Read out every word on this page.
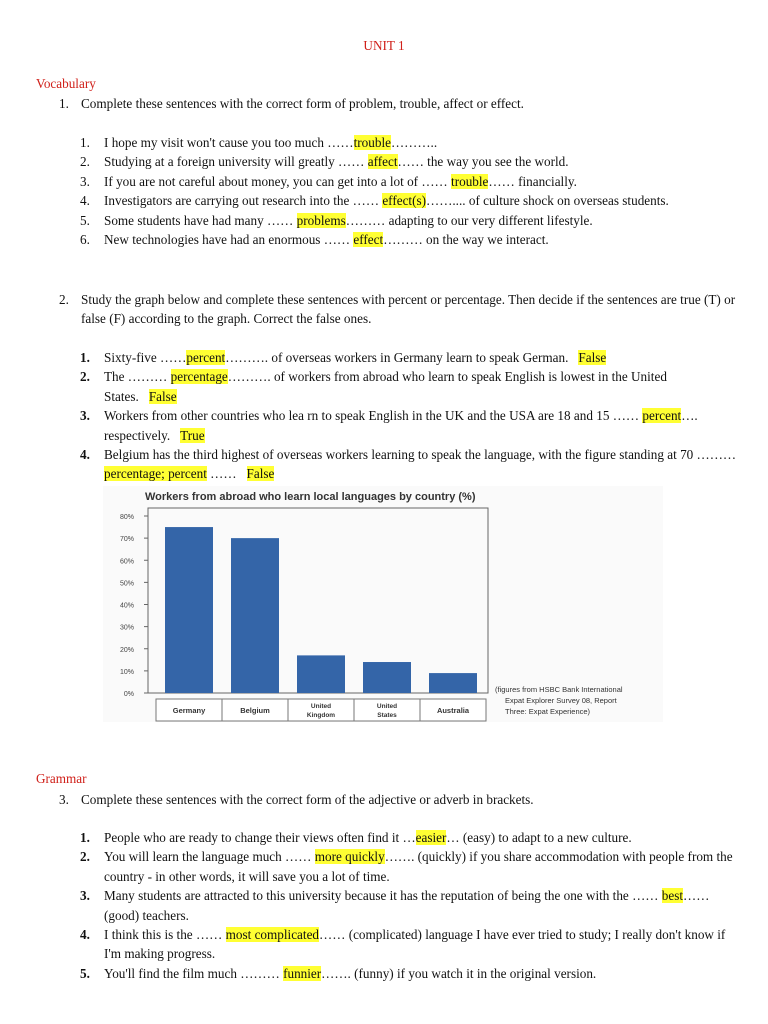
UNIT 1
Vocabulary
1. Complete these sentences with the correct form of problem, trouble, affect or effect.
1. I hope my visit won't cause you too much ……trouble………..
2. Studying at a foreign university will greatly …… affect…… the way you see the world.
3. If you are not careful about money, you can get into a lot of …… trouble…… financially.
4. Investigators are carrying out research into the …… effect(s)…….... of culture shock on overseas students.
5. Some students have had many …… problems……… adapting to our very different lifestyle.
6. New technologies have had an enormous …… effect……… on the way we interact.
2. Study the graph below and complete these sentences with percent or percentage. Then decide if the sentences are true (T) or false (F) according to the graph. Correct the false ones.
1. Sixty-five ……percent………. of overseas workers in Germany learn to speak German. False
2. The ……… percentage………. of workers from abroad who learn to speak English is lowest in the United States. False
3. Workers from other countries who lea rn to speak English in the UK and the USA are 18 and 15 …… percent…. respectively. True
4. Belgium has the third highest of overseas workers learning to speak the language, with the figure standing at 70 ……… percentage; percent …… False
Workers from abroad who learn local languages by country (%)
0%
10%
20%
30%
40%
50%
60%
70%
80%
Germany	Belgium	United
Kingdom
United
States
Australia
(figures from HSBC Bank International
Expat Explorer Survey 08, Report
Three: Expat Experience)
Grammar
3. Complete these sentences with the correct form of the adjective or adverb in brackets.
1. People who are ready to change their views often find it …easier… (easy) to adapt to a new culture.
2. You will learn the language much …… more quickly……. (quickly) if you share accommodation with people from the country - in other words, it will save you a lot of time.
3. Many students are attracted to this university because it has the reputation of being the one with the …… best…… (good) teachers.
4. I think this is the …… most complicated…… (complicated) language I have ever tried to study; I really don't know if I'm making progress.
5. You'll find the film much ……… funnier……. (funny) if you watch it in the original version.
